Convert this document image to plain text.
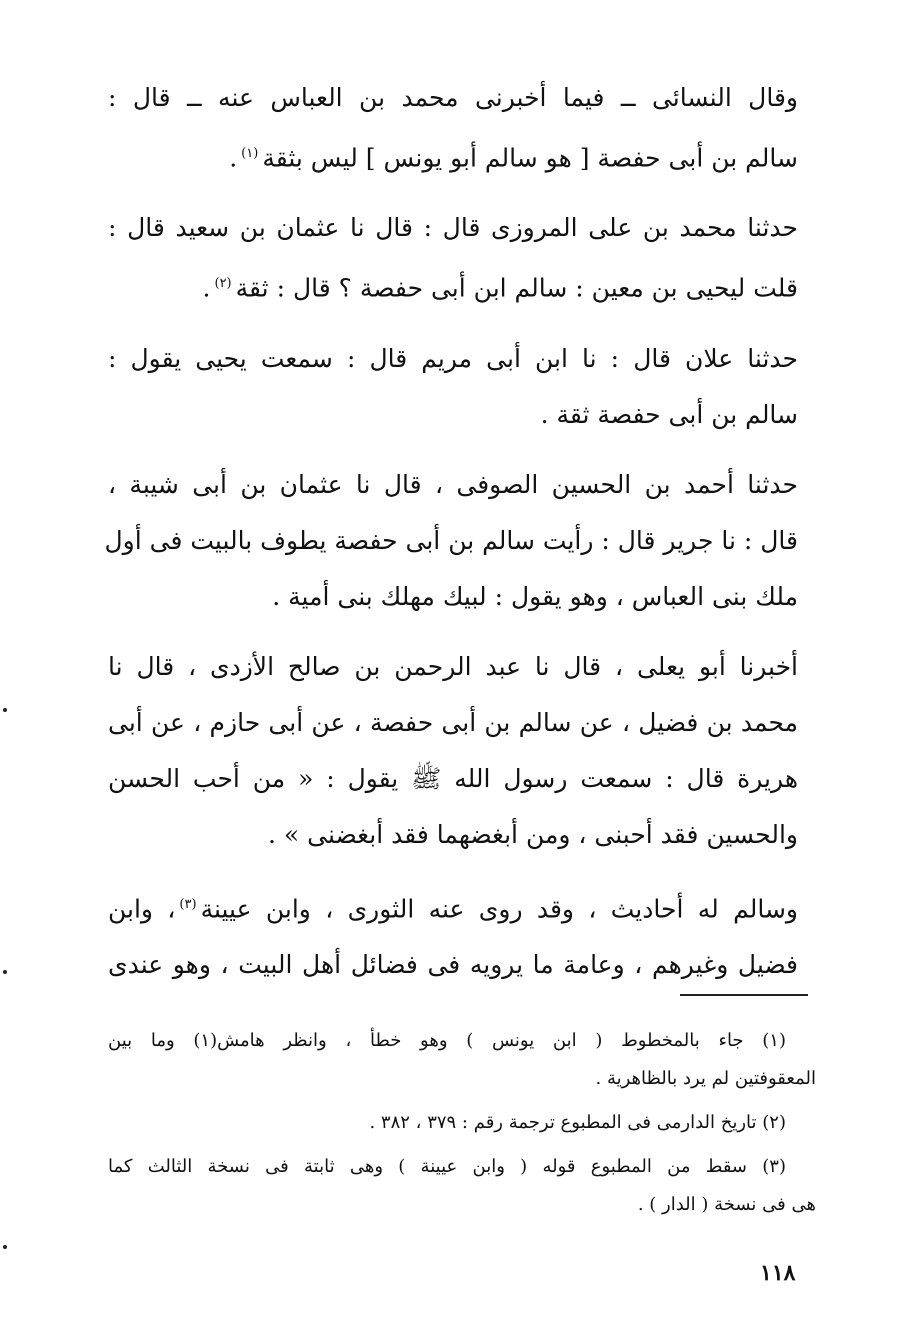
وقال النسائى ــ فيما أخبرنى محمد بن العباس عنه ــ قال :
سالم بن أبى حفصة [ هو سالم أبو يونس ] ليس بثقة$^{(١)}$.

حدثنا محمد بن على المروزى قال : قال نا عثمان بن سعيد قال :
قلت ليحيى بن معين : سالم ابن أبى حفصة ؟ قال : ثقة$^{(٢)}$.

حدثنا علان قال : نا ابن أبى مريم قال : سمعت يحيى يقول :
سالم بن أبى حفصة ثقة .

حدثنا أحمد بن الحسين الصوفى ، قال نا عثمان بن أبى شيبة ،
قال : نا جرير قال : رأيت سالم بن أبى حفصة يطوف بالبيت فى أول
ملك بنى العباس ، وهو يقول : لبيك مهلك بنى أمية .

أخبرنا أبو يعلى ، قال نا عبد الرحمن بن صالح الأزدى ، قال نا
محمد بن فضيل ، عن سالم بن أبى حفصة ، عن أبى حازم ، عن أبى
هريرة قال : سمعت رسول الله ﷺ يقول : « من أحب الحسن
والحسين فقد أحبنى ، ومن أبغضهما فقد أبغضنى » .

وسالم له أحاديث ، وقد روى عنه الثورى ، وابن عيينة$^{(٣)}$، وابن
فضيل وغيرهم ، وعامة ما يرويه فى فضائل أهل البيت ، وهو عندى

(١) جاء بالمخطوط ( ابن يونس ) وهو خطأ ، وانظر هامش(١) وما بين
المعقوفتين لم يرد بالظاهرية .

(٢) تاريخ الدارمى فى المطبوع ترجمة رقم : ٣٧٩ ، ٣٨٢ .

(٣) سقط من المطبوع قوله ( وابن عيينة ) وهى ثابتة فى نسخة الثالث كما
هى فى نسخة ( الدار ) .

١١٨
